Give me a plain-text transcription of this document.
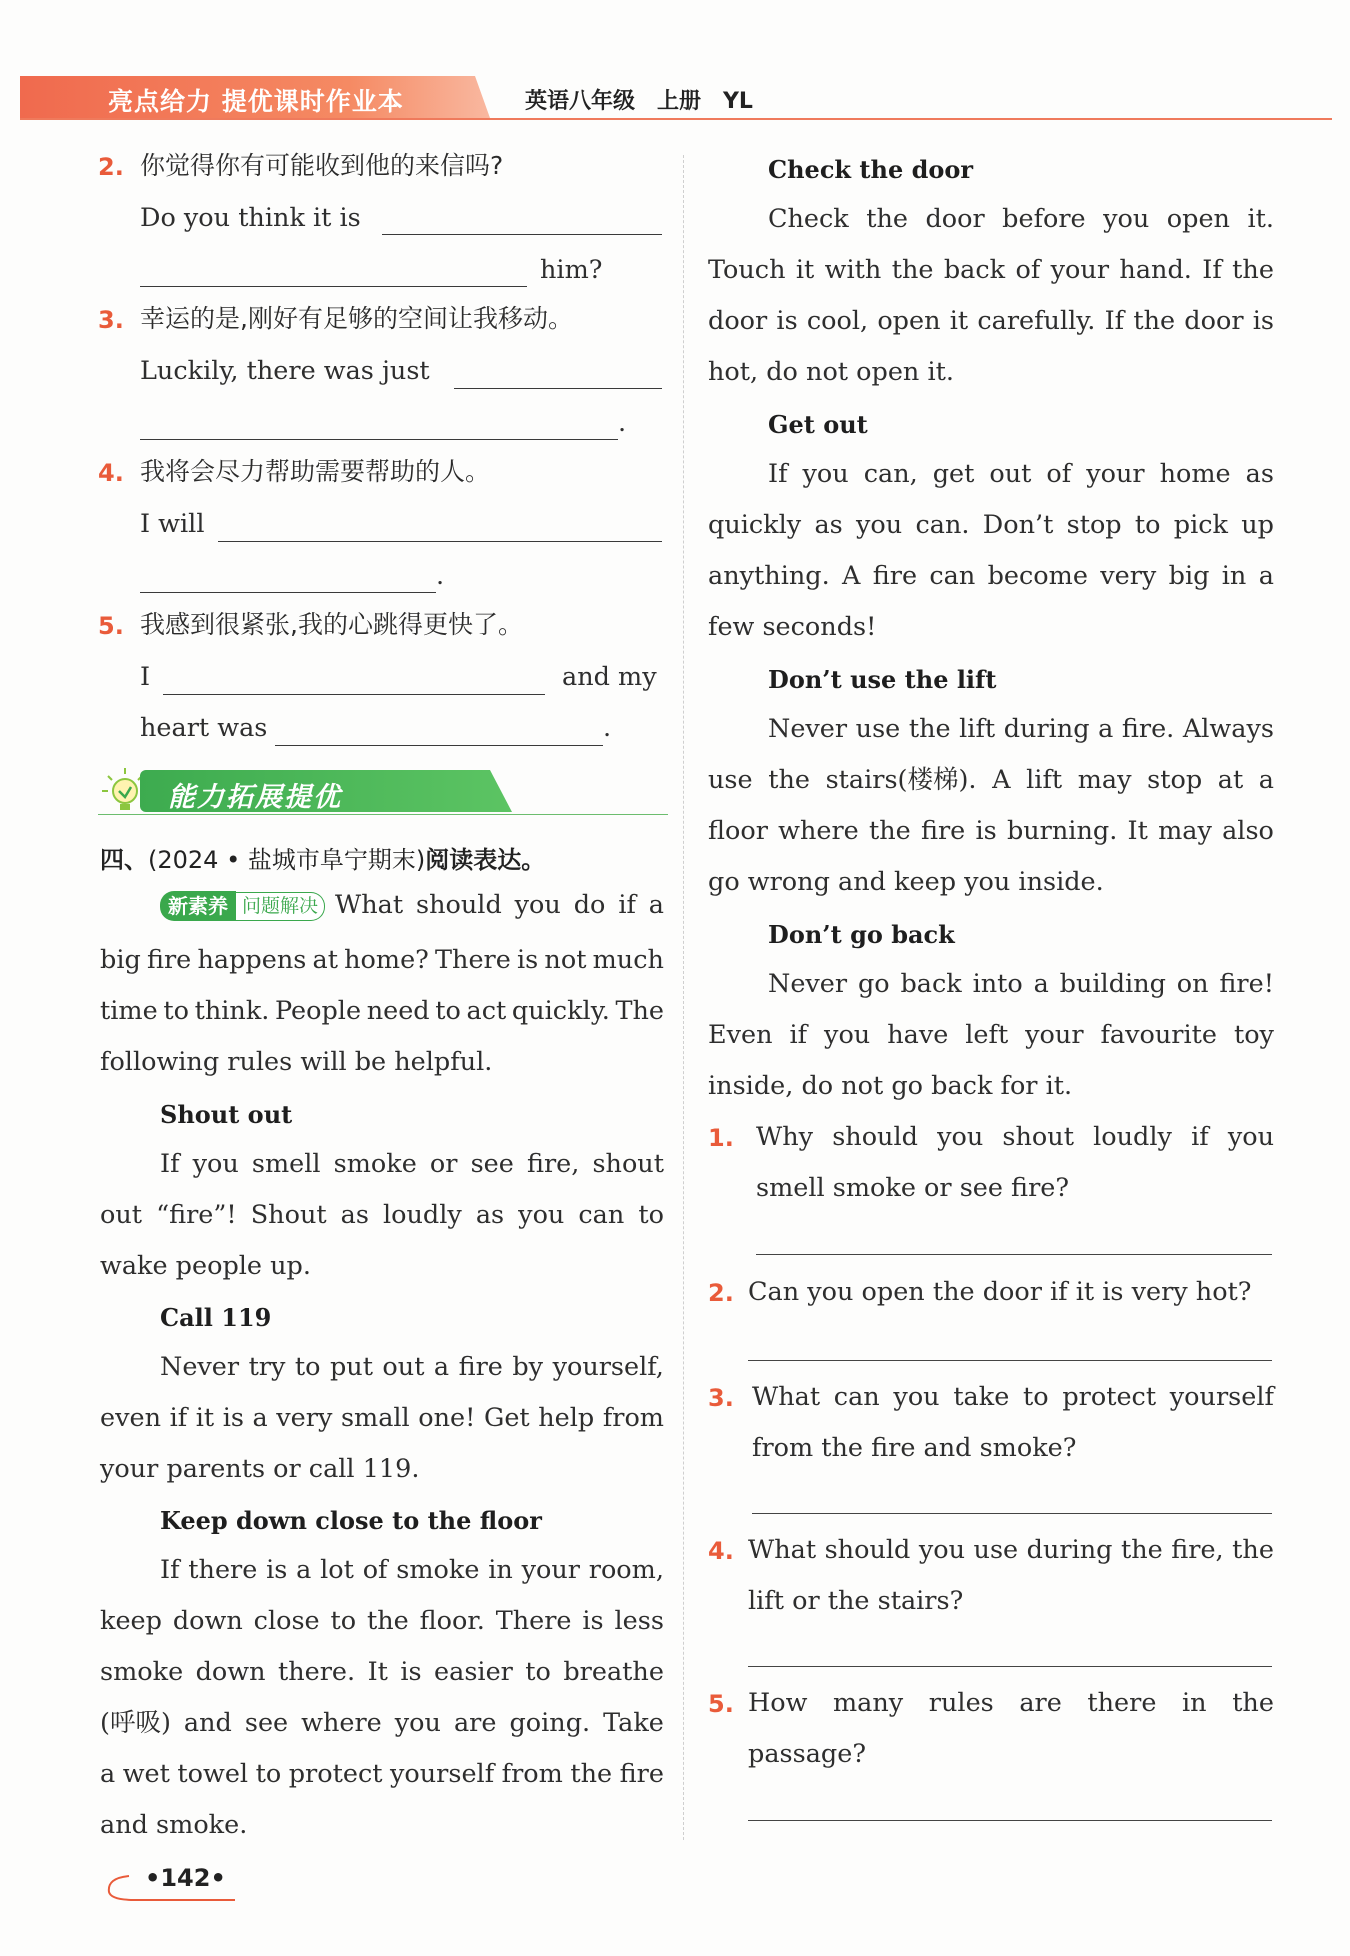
亮点给力 提优课时作业本	英语八年级　上册　YL
2. 你觉得你有可能收到他的来信吗?
Do you think it is
him?
3. 幸运的是,刚好有足够的空间让我移动。
Luckily, there was just
.
4. 我将会尽力帮助需要帮助的人。
I will
.
5. 我感到很紧张,我的心跳得更快了。
I	and my
heart was	.
能力拓展提优
四、(2024 • 盐城市阜宁期末)阅读表达。
新素养 问题解决 What should you do if a
big fire happens at home? There is not much
time to think. People need to act quickly. The
following rules will be helpful.
Shout out
If you smell smoke or see fire, shout
out “fire”! Shout as loudly as you can to
wake people up.
Call 119
Never try to put out a fire by yourself,
even if it is a very small one! Get help from
your parents or call 119.
Keep down close to the floor
If there is a lot of smoke in your room,
keep down close to the floor. There is less
smoke down there. It is easier to breathe
(呼吸) and see where you are going. Take
a wet towel to protect yourself from the fire
and smoke.
Check the door
Check the door before you open it.
Touch it with the back of your hand. If the
door is cool, open it carefully. If the door is
hot, do not open it.
Get out
If you can, get out of your home as
quickly as you can. Don’t stop to pick up
anything. A fire can become very big in a
few seconds!
Don’t use the lift
Never use the lift during a fire. Always
use the stairs(楼梯). A lift may stop at a
floor where the fire is burning. It may also
go wrong and keep you inside.
Don’t go back
Never go back into a building on fire!
Even if you have left your favourite toy
inside, do not go back for it.
1. Why should you shout loudly if you
smell smoke or see fire?
2. Can you open the door if it is very hot?
3. What can you take to protect yourself
from the fire and smoke?
4. What should you use during the fire, the
lift or the stairs?
5. How many rules are there in the
passage?
•142•
